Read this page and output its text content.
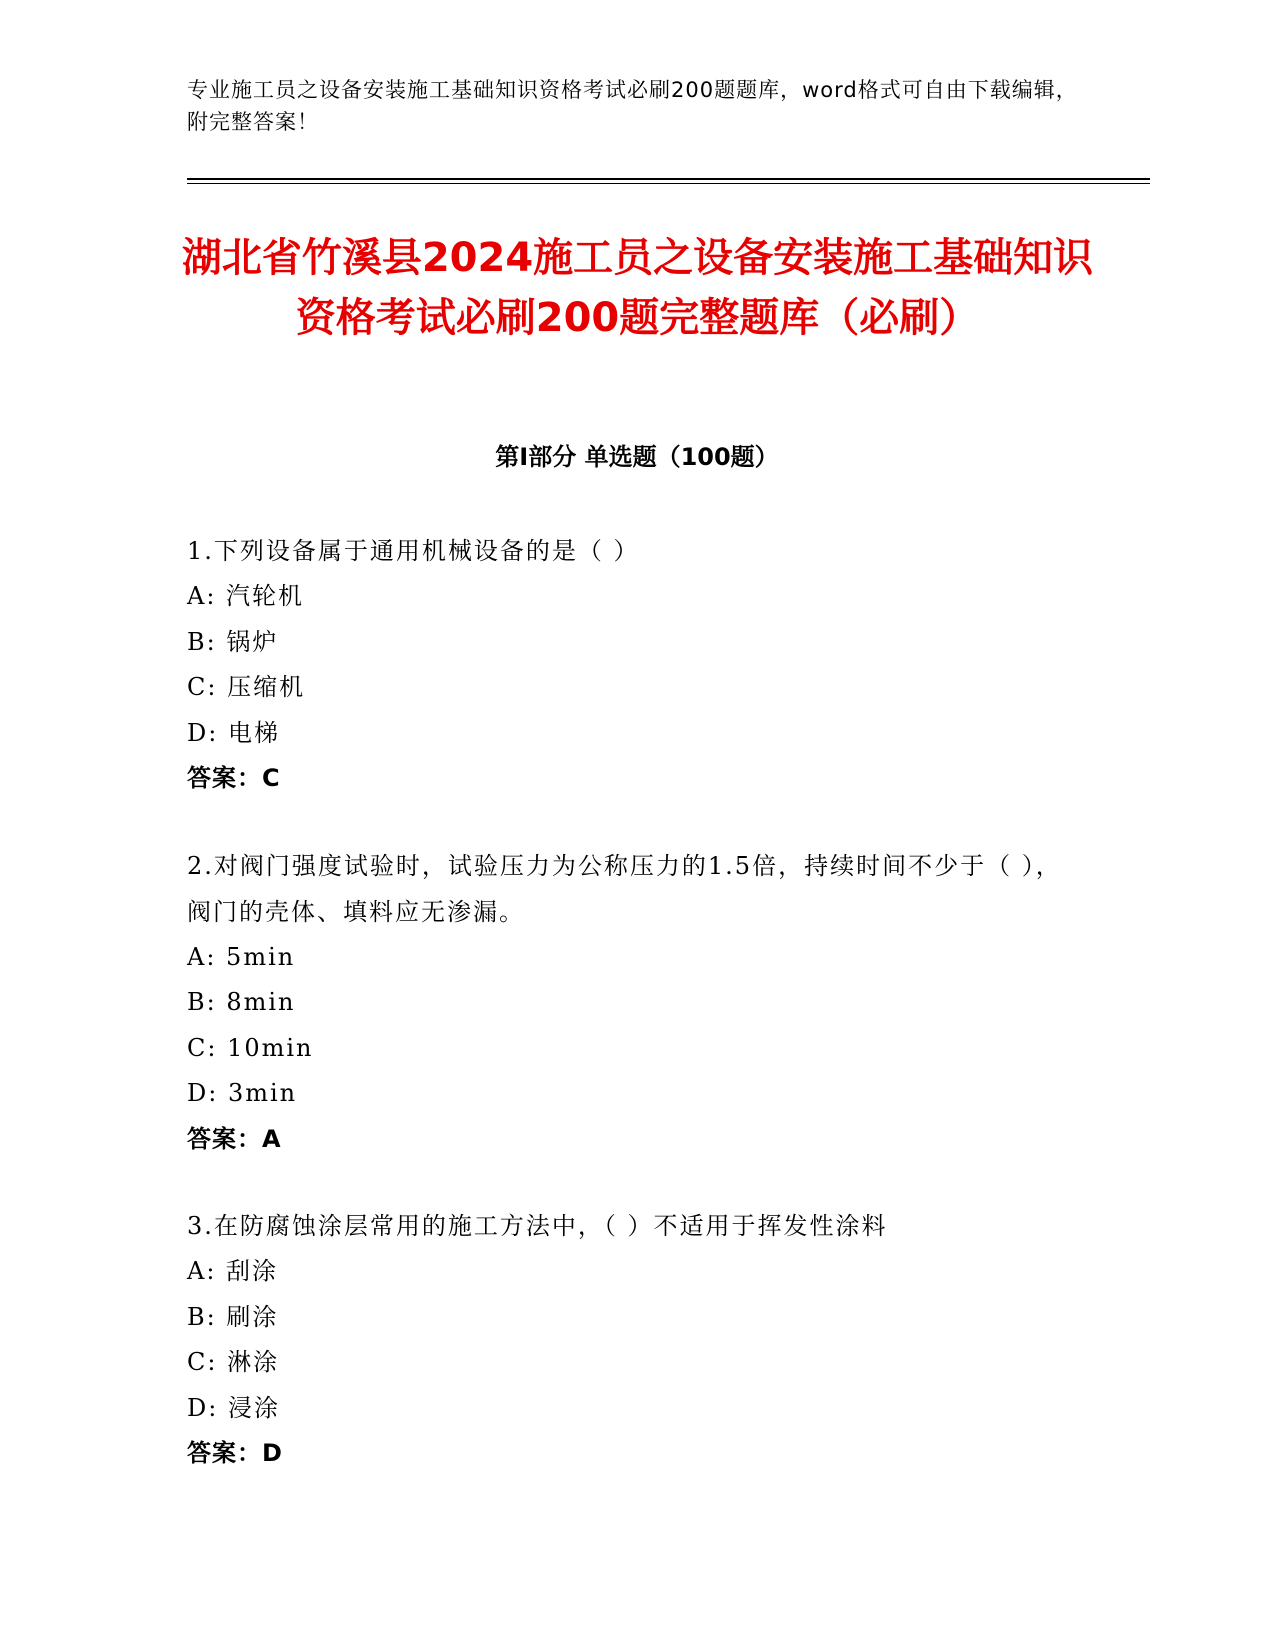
专业施工员之设备安装施工基础知识资格考试必刷200题题库，word格式可自由下载编辑，附完整答案！
湖北省竹溪县2024施工员之设备安装施工基础知识资格考试必刷200题完整题库（必刷）
第I部分 单选题（100题）
1.下列设备属于通用机械设备的是（ ）
A: 汽轮机
B: 锅炉
C: 压缩机
D: 电梯
答案：C
2.对阀门强度试验时，试验压力为公称压力的1.5倍，持续时间不少于（ ），阀门的壳体、填料应无渗漏。
A: 5min
B: 8min
C: 10min
D: 3min
答案：A
3.在防腐蚀涂层常用的施工方法中，（ ）不适用于挥发性涂料
A: 刮涂
B: 刷涂
C: 淋涂
D: 浸涂
答案：D
